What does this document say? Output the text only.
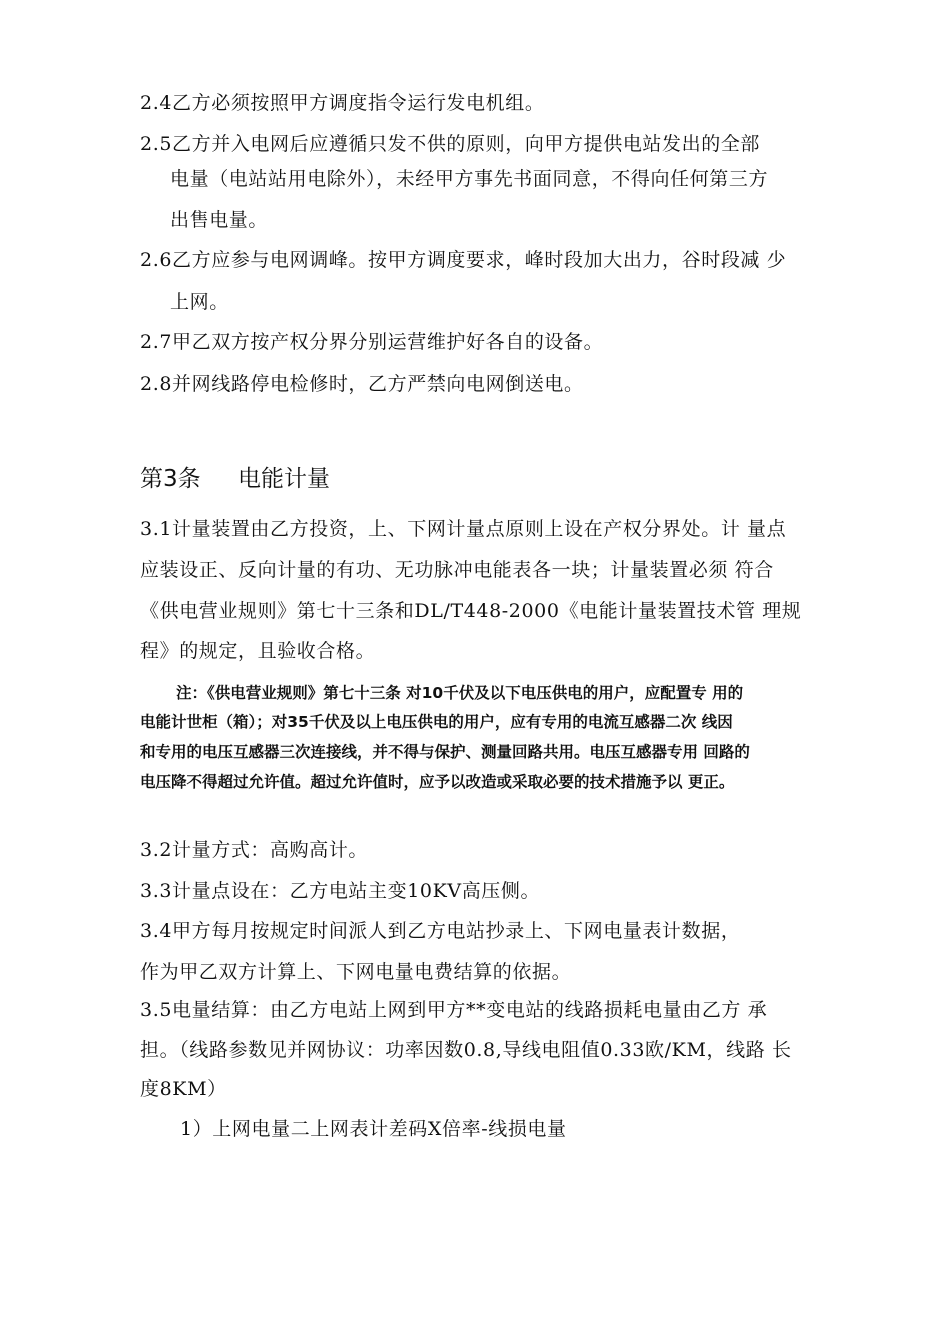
2.4乙方必须按照甲方调度指令运行发电机组。
2.5乙方并入电网后应遵循只发不供的原则，向甲方提供电站发出的全部
电量（电站站用电除外），未经甲方事先书面同意，不得向任何第三方
出售电量。
2.6乙方应参与电网调峰。按甲方调度要求，峰时段加大出力，谷时段减 少
上网。
2.7甲乙双方按产权分界分别运营维护好各自的设备。
2.8并网线路停电检修时，乙方严禁向电网倒送电。
第3条 电能计量
3.1计量装置由乙方投资，上、下网计量点原则上设在产权分界处。计 量点
应装设正、反向计量的有功、无功脉冲电能表各一块；计量装置必须 符合
《供电营业规则》第七十三条和DL/T448-2000《电能计量装置技术管 理规
程》的规定，且验收合格。
注：《供电营业规则》第七十三条 对10千伏及以下电压供电的用户，应配置专 用的
电能计世柜（箱）；对35千伏及以上电压供电的用户，应有专用的电流互感器二次 线因
和专用的电压互感器三次连接线，并不得与保护、测量回路共用。电压互感器专用 回路的
电压降不得超过允许值。超过允许值时，应予以改造或采取必要的技术措施予以 更正。
3.2计量方式：高购高计。
3.3计量点设在：乙方电站主变10KV高压侧。
3.4甲方每月按规定时间派人到乙方电站抄录上、下网电量表计数据，
作为甲乙双方计算上、下网电量电费结算的依据。
3.5电量结算：由乙方电站上网到甲方**变电站的线路损耗电量由乙方 承
担。（线路参数见并网协议：功率因数0.8,导线电阻值0.33欧/KM，线路 长
度8KM）
1）上网电量二上网表计差码X倍率-线损电量
